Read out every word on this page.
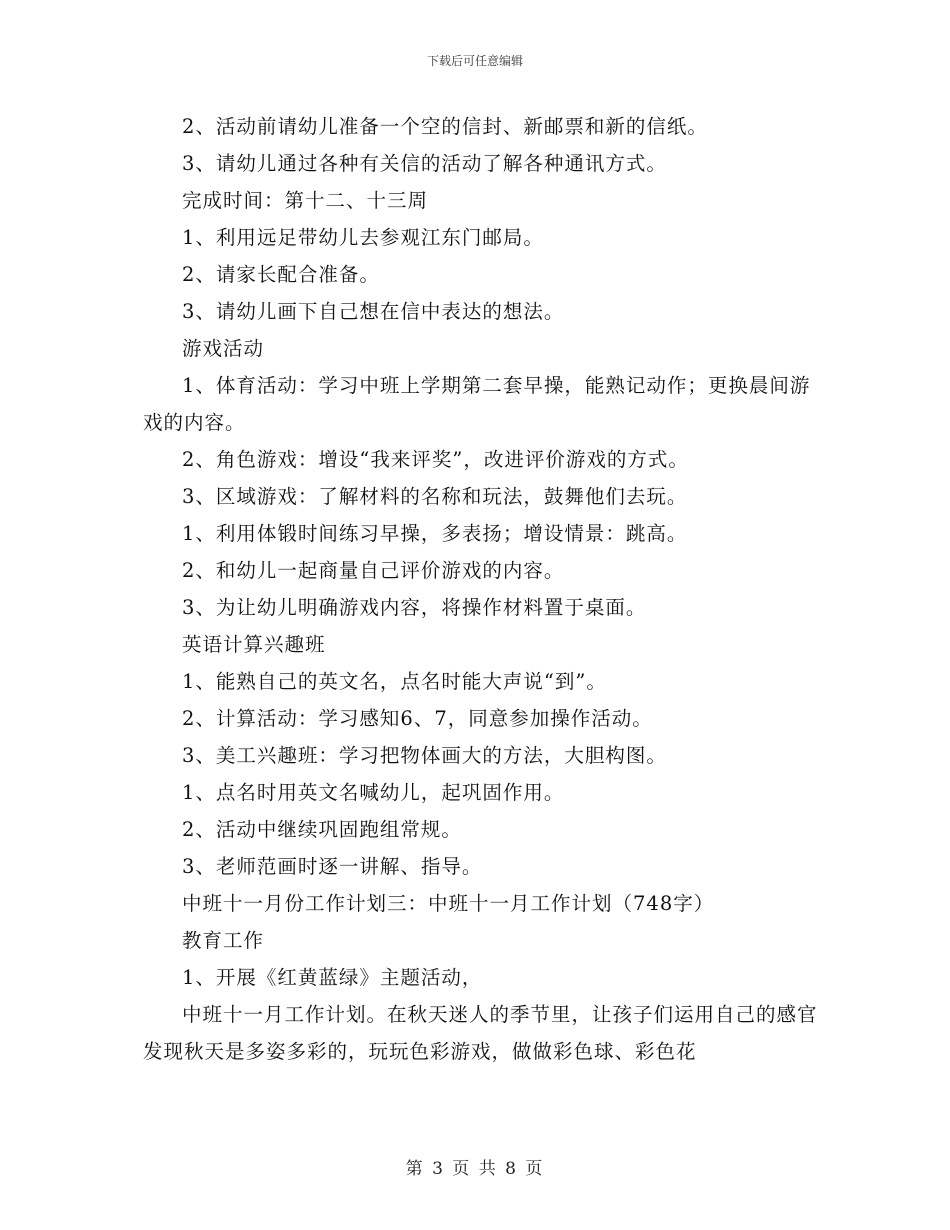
下载后可任意编辑

2、活动前请幼儿准备一个空的信封、新邮票和新的信纸。

3、请幼儿通过各种有关信的活动了解各种通讯方式。

完成时间：第十二、十三周

1、利用远足带幼儿去参观江东门邮局。

2、请家长配合准备。

3、请幼儿画下自己想在信中表达的想法。

游戏活动

1、体育活动：学习中班上学期第二套早操，能熟记动作；更换晨间游戏的内容。

2、角色游戏：增设“我来评奖”，改进评价游戏的方式。

3、区域游戏：了解材料的名称和玩法，鼓舞他们去玩。

1、利用体锻时间练习早操，多表扬；增设情景：跳高。

2、和幼儿一起商量自己评价游戏的内容。

3、为让幼儿明确游戏内容，将操作材料置于桌面。

英语计算兴趣班

1、能熟自己的英文名，点名时能大声说“到”。

2、计算活动：学习感知6、7，同意参加操作活动。

3、美工兴趣班：学习把物体画大的方法，大胆构图。

1、点名时用英文名喊幼儿，起巩固作用。

2、活动中继续巩固跑组常规。

3、老师范画时逐一讲解、指导。

中班十一月份工作计划三：中班十一月工作计划（748字）

教育工作

1、开展《红黄蓝绿》主题活动，

中班十一月工作计划。在秋天迷人的季节里，让孩子们运用自己的感官发现秋天是多姿多彩的，玩玩色彩游戏，做做彩色球、彩色花

第 3 页 共 8 页
